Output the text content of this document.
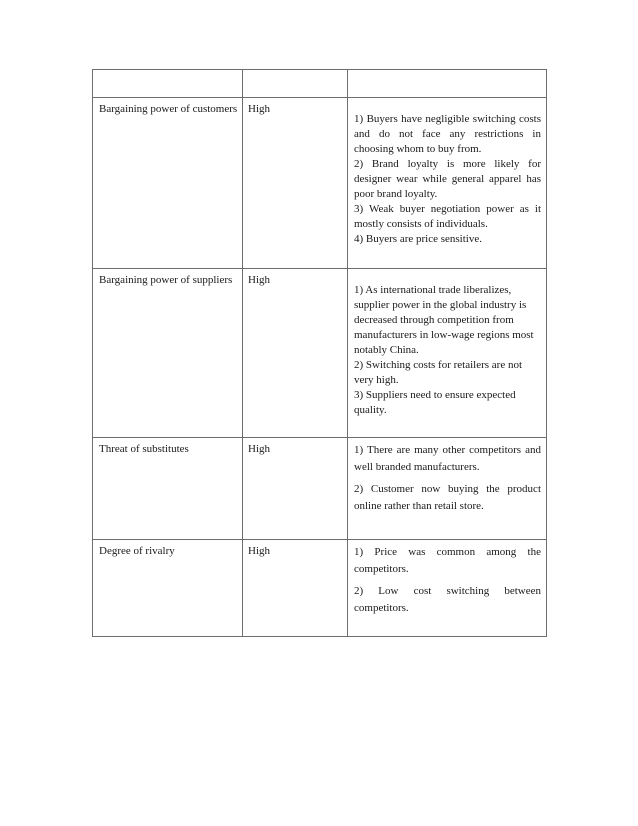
Bargaining power of customers	High	1) Buyers have negligible switching costs and do not face any restrictions in choosing whom to buy from.

2) Brand loyalty is more likely for designer wear while general apparel has poor brand loyalty.

3) Weak buyer negotiation power as it mostly consists of individuals.

4) Buyers are price sensitive.

Bargaining power of suppliers	High	1) As international trade liberalizes, supplier power in the global industry is decreased through competition from manufacturers in low-wage regions most notably China.

2) Switching costs for retailers are not very high.

3) Suppliers need to ensure expected quality.

Threat of substitutes	High	1) There are many other competitors and well branded manufacturers.

2) Customer now buying the product online rather than retail store.

Degree of rivalry	High	1) Price was common among the competitors.

2) Low cost switching between competitors.
